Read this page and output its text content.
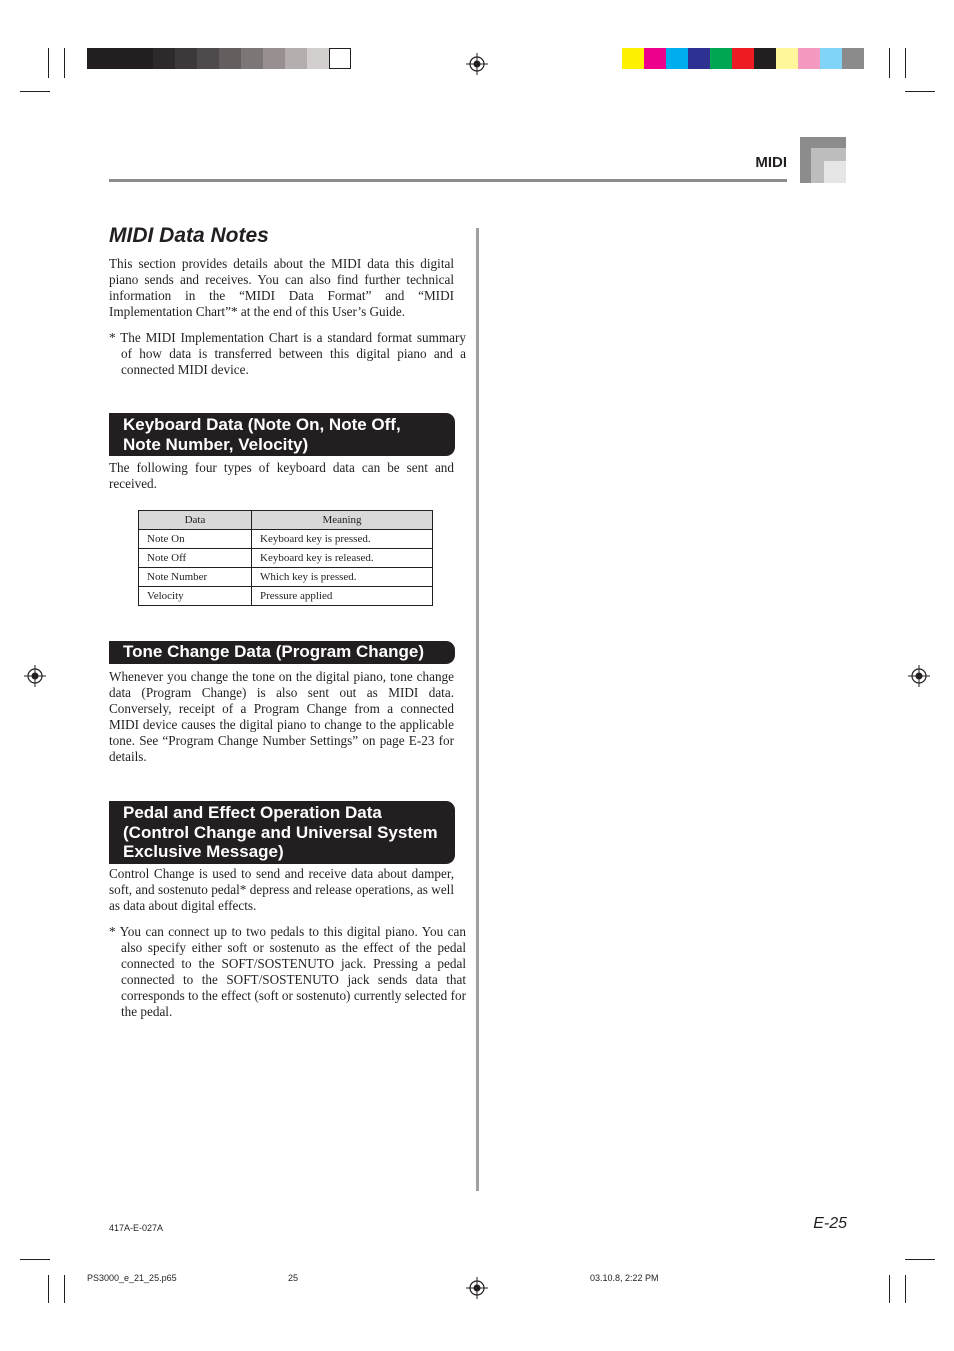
MIDI
MIDI Data Notes
This section provides details about the MIDI data this digital piano sends and receives. You can also find further technical information in the “MIDI Data Format” and “MIDI Implementation Chart”* at the end of this User’s Guide.
* The MIDI Implementation Chart is a standard format summary of how data is transferred between this digital piano and a connected MIDI device.
Keyboard Data (Note On, Note Off,
Note Number, Velocity)
The following four types of keyboard data can be sent and received.
Data	Meaning
Note On	Keyboard key is pressed.
Note Off	Keyboard key is released.
Note Number	Which key is pressed.
Velocity	Pressure applied
Tone Change Data (Program Change)
Whenever you change the tone on the digital piano, tone change data (Program Change) is also sent out as MIDI data. Conversely, receipt of a Program Change from a connected MIDI device causes the digital piano to change to the applicable tone. See “Program Change Number Settings” on page E-23 for details.
Pedal and Effect Operation Data
(Control Change and Universal System
Exclusive Message)
Control Change is used to send and receive data about damper, soft, and sostenuto pedal* depress and release operations, as well as data about digital effects.
* You can connect up to two pedals to this digital piano. You can also specify either soft or sostenuto as the effect of the pedal connected to the SOFT/SOSTENUTO jack. Pressing a pedal connected to the SOFT/SOSTENUTO jack sends data that corresponds to the effect (soft or sostenuto) currently selected for the pedal.
417A-E-027A	E-25
PS3000_e_21_25.p65	25	03.10.8, 2:22 PM
